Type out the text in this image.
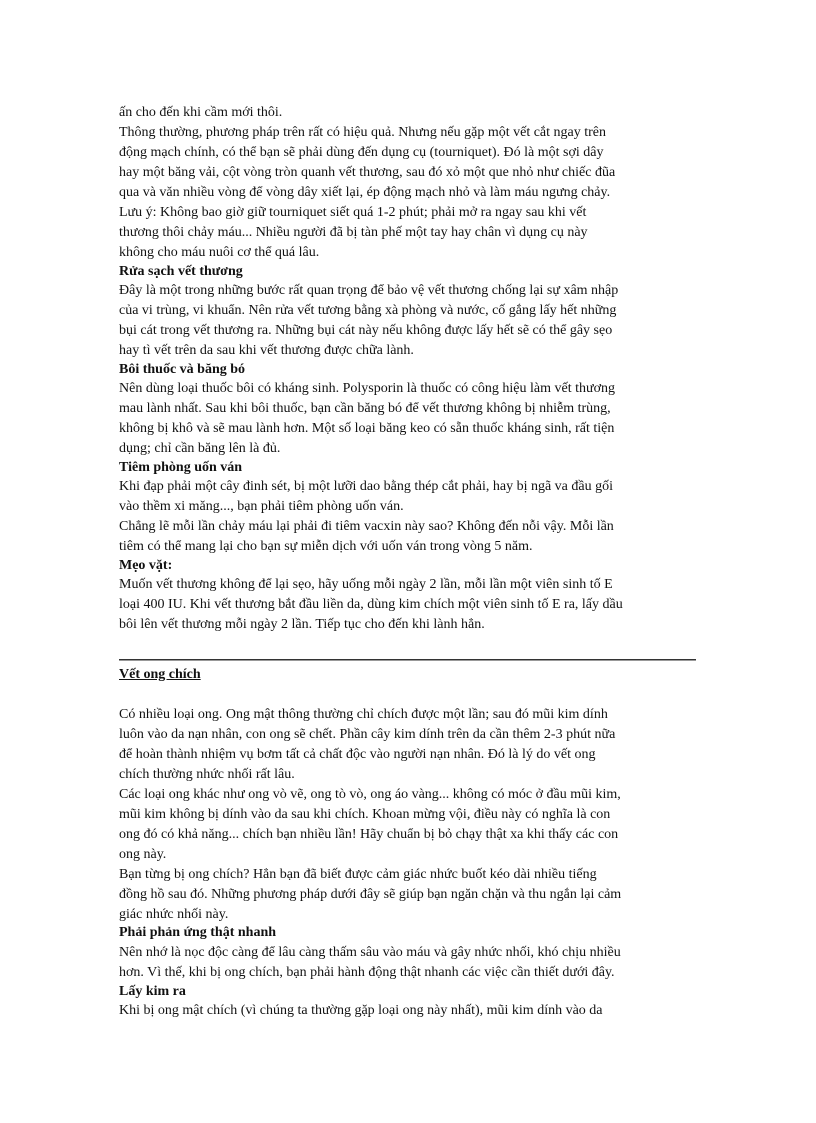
ấn cho đến khi cầm mới thôi.
Thông thường, phương pháp trên rất có hiệu quả. Nhưng nếu gặp một vết cắt ngay trên
động mạch chính, có thể bạn sẽ phải dùng đến dụng cụ (tourniquet). Đó là một sợi dây
hay một băng vải, cột vòng tròn quanh vết thương, sau đó xỏ một que nhỏ như chiếc đũa
qua và văn nhiều vòng để vòng dây xiết lại, ép động mạch nhỏ và làm máu ngưng chảy.
Lưu ý: Không bao giờ giữ tourniquet siết quá 1-2 phút; phải mở ra ngay sau khi vết
thương thôi chảy máu... Nhiều người đã bị tàn phế một tay hay chân vì dụng cụ này
không cho máu nuôi cơ thể quá lâu.
Rửa sạch vết thương
Đây là một trong những bước rất quan trọng để bảo vệ vết thương chống lại sự xâm nhập
của vi trùng, vi khuẩn. Nên rửa vết tương bằng xà phòng và nước, cố gắng lấy hết những
bụi cát trong vết thương ra. Những bụi cát này nếu không được lấy hết sẽ có thể gây sẹo
hay tì vết trên da sau khi vết thương được chữa lành.
Bôi thuốc và băng bó
Nên dùng loại thuốc bôi có kháng sinh. Polysporin là thuốc có công hiệu làm vết thương
mau lành nhất. Sau khi bôi thuốc, bạn cần băng bó để vết thương không bị nhiễm trùng,
không bị khô và sẽ mau lành hơn. Một số loại băng keo có sẵn thuốc kháng sinh, rất tiện
dụng; chỉ cần băng lên là đủ.
Tiêm phòng uốn ván
Khi đạp phải một cây đinh sét, bị một lưỡi dao bằng thép cắt phải, hay bị ngã va đầu gối
vào thềm xi măng..., bạn phải tiêm phòng uốn ván.
Chẳng lẽ mỗi lần chảy máu lại phải đi tiêm vacxin này sao? Không đến nỗi vậy. Mỗi lần
tiêm có thể mang lại cho bạn sự miễn dịch với uốn ván trong vòng 5 năm.
Mẹo vặt:
Muốn vết thương không để lại sẹo, hãy uống mỗi ngày 2 lần, mỗi lần một viên sinh tố E
loại 400 IU. Khi vết thương bắt đầu liền da, dùng kim chích một viên sinh tố E ra, lấy dầu
bôi lên vết thương mỗi ngày 2 lần. Tiếp tục cho đến khi lành hẳn.
Vết ong chích
Có nhiều loại ong. Ong mật thông thường chỉ chích được một lần; sau đó mũi kim dính
luôn vào da nạn nhân, con ong sẽ chết. Phần cây kim dính trên da cần thêm 2-3 phút nữa
để hoàn thành nhiệm vụ bơm tất cả chất độc vào người nạn nhân. Đó là lý do vết ong
chích thường nhức nhối rất lâu.
Các loại ong khác như ong vò vẽ, ong tò vò, ong áo vàng... không có móc ở đầu mũi kim,
mũi kim không bị dính vào da sau khi chích. Khoan mừng vội, điều này có nghĩa là con
ong đó có khả năng... chích bạn nhiều lần! Hãy chuẩn bị bỏ chạy thật xa khi thấy các con
ong này.
Bạn từng bị ong chích? Hẳn bạn đã biết được cảm giác nhức buốt kéo dài nhiều tiếng
đồng hồ sau đó. Những phương pháp dưới đây sẽ giúp bạn ngăn chặn và thu ngắn lại cảm
giác nhức nhối này.
Phải phản ứng thật nhanh
Nên nhớ là nọc độc càng để lâu càng thấm sâu vào máu và gây nhức nhối, khó chịu nhiều
hơn. Vì thế, khi bị ong chích, bạn phải hành động thật nhanh các việc cần thiết dưới đây.
Lấy kim ra
Khi bị ong mật chích (vì chúng ta thường gặp loại ong này nhất), mũi kim dính vào da
